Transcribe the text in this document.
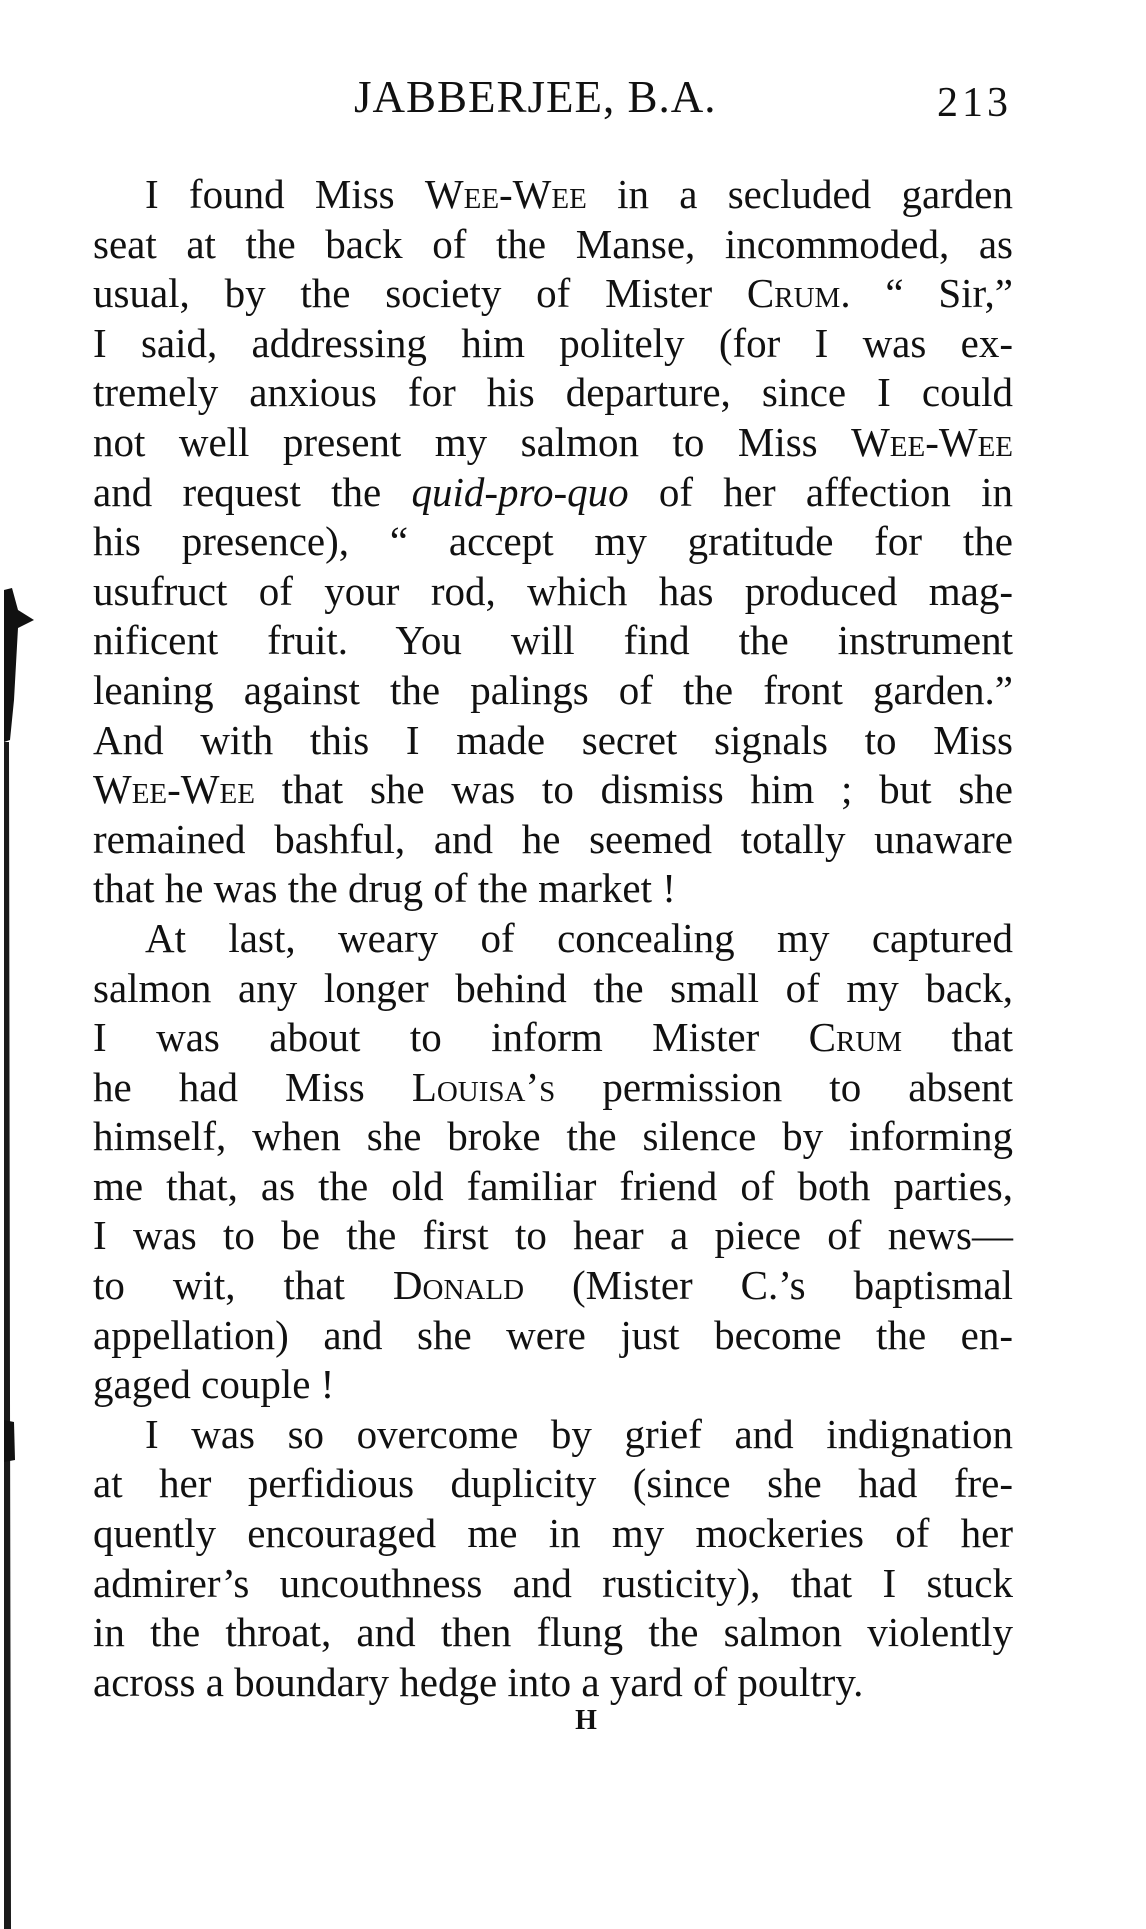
JABBERJEE, B.A.	213
I found Miss Wee-Wee in a secluded garden
seat at the back of the Manse, incommoded, as
usual, by the society of Mister Crum. “ Sir,”
I said, addressing him politely (for I was ex-
tremely anxious for his departure, since I could
not well present my salmon to Miss Wee-Wee
and request the quid-pro-quo of her affection in
his presence), “ accept my gratitude for the
usufruct of your rod, which has produced mag-
nificent fruit. You will find the instrument
leaning against the palings of the front garden.”
And with this I made secret signals to Miss
Wee-Wee that she was to dismiss him ; but she
remained bashful, and he seemed totally unaware
that he was the drug of the market !
At last, weary of concealing my captured
salmon any longer behind the small of my back,
I was about to inform Mister Crum that
he had Miss Louisa’s permission to absent
himself, when she broke the silence by informing
me that, as the old familiar friend of both parties,
I was to be the first to hear a piece of news—
to wit, that Donald (Mister C.’s baptismal
appellation) and she were just become the en-
gaged couple !
I was so overcome by grief and indignation
at her perfidious duplicity (since she had fre-
quently encouraged me in my mockeries of her
admirer’s uncouthness and rusticity), that I stuck
in the throat, and then flung the salmon violently
across a boundary hedge into a yard of poultry.
H
